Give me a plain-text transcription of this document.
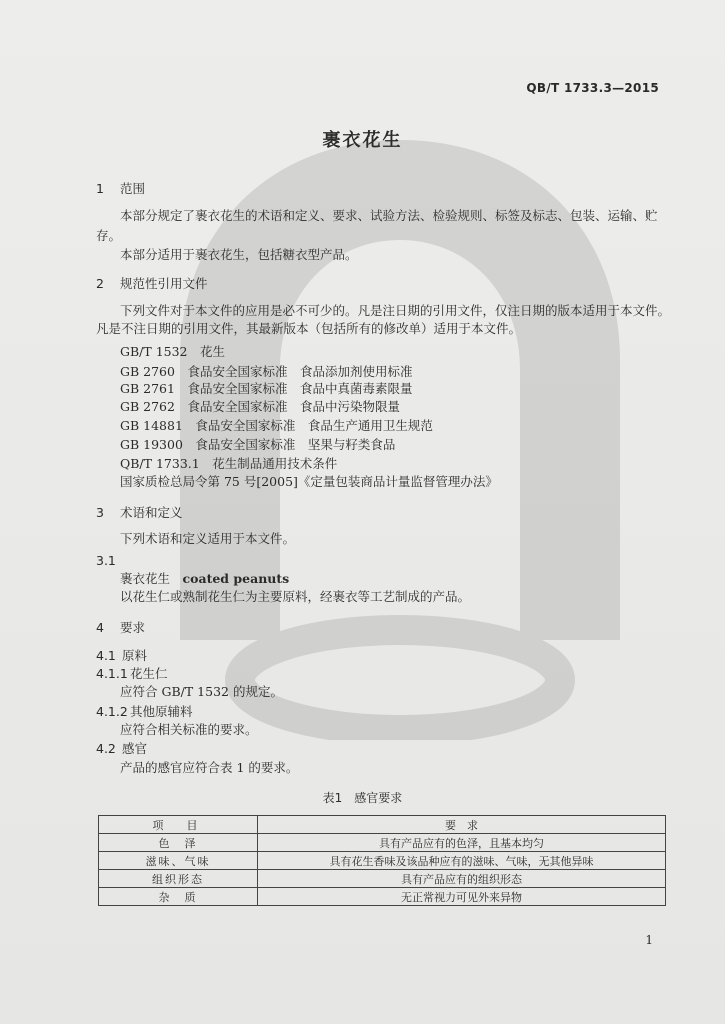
QB/T 1733.3—2015
裹衣花生
1 范围
本部分规定了裹衣花生的术语和定义、要求、试验方法、检验规则、标签及标志、包装、运输、贮存。
本部分适用于裹衣花生，包括糖衣型产品。
2 规范性引用文件
下列文件对于本文件的应用是必不可少的。凡是注日期的引用文件，仅注日期的版本适用于本文件。
凡是不注日期的引用文件，其最新版本（包括所有的修改单）适用于本文件。
GB/T 1532　花生
GB 2760　食品安全国家标准　食品添加剂使用标准
GB 2761　食品安全国家标准　食品中真菌毒素限量
GB 2762　食品安全国家标准　食品中污染物限量
GB 14881　食品安全国家标准　食品生产通用卫生规范
GB 19300　食品安全国家标准　坚果与籽类食品
QB/T 1733.1　花生制品通用技术条件
国家质检总局令第 75 号[2005]《定量包装商品计量监督管理办法》
3 术语和定义
下列术语和定义适用于本文件。
3.1
裹衣花生　 coated peanuts
以花生仁或熟制花生仁为主要原料，经裹衣等工艺制成的产品。
4 要求
4.1 原料
4.1.1 花生仁
应符合 GB/T 1532 的规定。
4.1.2 其他原辅料
应符合相关标准的要求。
4.2 感官
产品的感官应符合表 1 的要求。
表1　感官要求
项　目	要　求
色　泽	具有产品应有的色泽，且基本均匀
滋味、气味	具有花生香味及该品种应有的滋味、气味，无其他异味
组织形态	具有产品应有的组织形态
杂　质	无正常视力可见外来异物
1
